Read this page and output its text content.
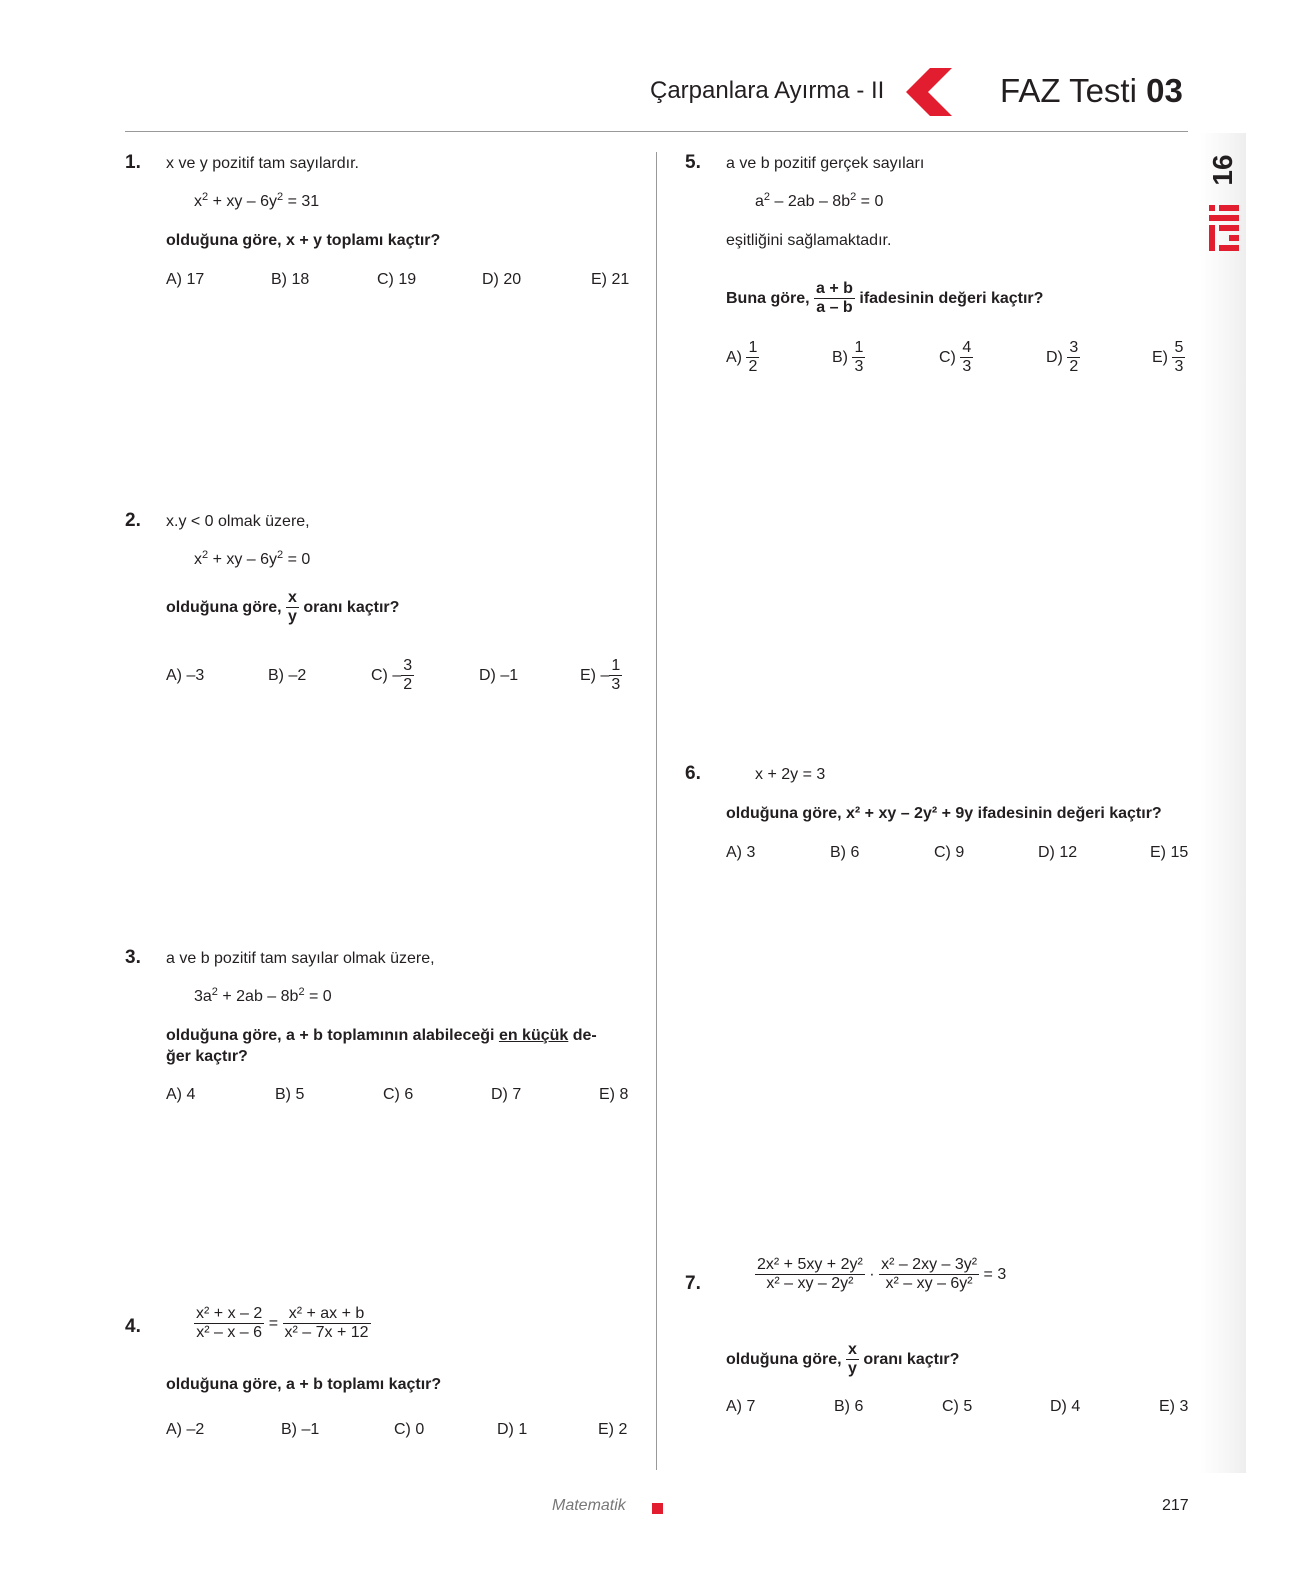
Çarpanlara Ayırma - II	FAZ Testi 03
16
1. x ve y pozitif tam sayılardır.
$x^2$ + xy – $6y^2 = 31$
olduğuna göre, x + y toplamı kaçtır?
A) 17	B) 18	C) 19	D) 20	E) 21
2. x.y < 0 olmak üzere,
$x^2$ + xy – $6y^2 = 0$
olduğuna göre, $\frac{x}{y}$ oranı kaçtır?
A) –3	B) –2	$C) - \frac{3}{2}$	D) –1	$E) - \frac{1}{3}$
3. a ve b pozitif tam sayılar olmak üzere,
$3a^2 + 2ab - 8b^2 = 0$
olduğuna göre, a + b toplamının alabileceği en küçük de-
ğer kaçtır?
A) 4	B) 5	C) 6	D) 7	E) 8
4.	$\frac{\text{x² + x – 2}}{\text{x² – x – 6}} = \frac{\text{x² + ax + b}}{\text{x² – 7x + 12}}$
olduğuna göre, a + b toplamı kaçtır?
A) –2	B) –1	C) 0	D) 1	E) 2
5. a ve b pozitif gerçek sayıları
$a^2 - 2ab - 8b^2 = 0$
eşitliğini sağlamaktadır.
Buna göre, $\frac{a + b}{a - b}$ ifadesinin değeri kaçtır?
$A) \frac{1}{2}$	$B) \frac{1}{3}$	$C) \frac{4}{3}$	$D) \frac{3}{2}$	$E) \frac{5}{3}$
6.	x + 2y = 3
olduğuna göre, x² + xy – 2y² + 9y ifadesinin değeri kaçtır?
A) 3	B) 6	C) 9	D) 12	E) 15
7.	$\frac{\text{2x² + 5xy + 2y²}}{\text{x² – xy – 2y²}} \cdot \frac{\text{x² – 2xy – 3y²}}{\text{x² – xy – 6y²}} = 3$
olduğuna göre, $\frac{x}{y}$ oranı kaçtır?
A) 7	B) 6	C) 5	D) 4	E) 3
Matematik	217
